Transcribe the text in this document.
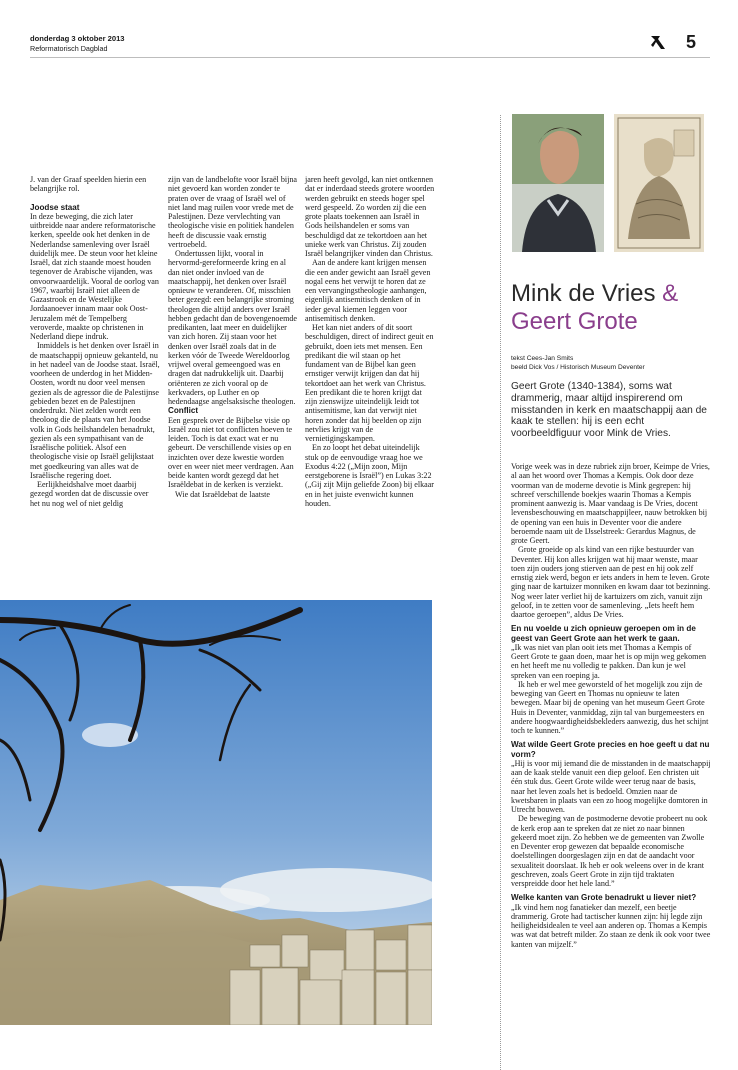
donderdag 3 oktober 2013
Reformatorisch Dagblad	5

J. van der Graaf speelden hierin een belangrijke rol.

Joodse staat

In deze beweging, die zich later uitbreidde naar andere reformatorische kerken, speelde ook het denken in de Nederlandse samenleving over Israël duidelijk mee. De steun voor het kleine Israël, dat zich staande moest houden tegenover de Arabische vijanden, was onvoorwaardelijk. Vooral de oorlog van 1967, waarbij Israël niet alleen de Gazastrook en de Westelijke Jordaanoever innam maar ook Oost-Jeruzalem mét de Tempelberg veroverde, maakte op christenen in Nederland diepe indruk.

Inmiddels is het denken over Israël in de maatschappij opnieuw gekanteld, nu in het nadeel van de Joodse staat. Israël, voorheen de underdog in het Midden-Oosten, wordt nu door veel mensen gezien als de agressor die de Palestijnse gebieden bezet en de Palestijnen onderdrukt. Niet zelden wordt een theoloog die de plaats van het Joodse volk in Gods heilshandelen benadrukt, gezien als een sympathisant van de Israëlische politiek. Alsof een theologische visie op Israël gelijkstaat met goedkeuring van alles wat de Israëlische regering doet.

Eerlijkheidshalve moet daarbij gezegd worden dat de discussie over het nu nog wel of niet geldig

zijn van de landbelofte voor Israël bijna niet gevoerd kan worden zonder te praten over de vraag of Israël wel of niet land mag ruilen voor vrede met de Palestijnen. Deze vervlechting van theologische visie en politiek handelen heeft de discussie vaak ernstig vertroebeld.

Ondertussen lijkt, vooral in hervormd-gereformeerde kring en al dan niet onder invloed van de maatschappij, het denken over Israël opnieuw te veranderen. Of, misschien beter gezegd: een belangrijke stroming theologen die altijd anders over Israël hebben gedacht dan de bovengenoemde predikanten, laat meer en duidelijker van zich horen. Zij staan voor het denken over Israël zoals dat in de kerken vóór de Tweede Wereldoorlog vrijwel overal gemeengoed was en dragen dat nadrukkelijk uit. Daarbij oriënteren ze zich vooral op de kerkvaders, op Luther en op hedendaagse angelsaksische theologen.

Conflict

Een gesprek over de Bijbelse visie op Israël zou niet tot conflicten hoeven te leiden. Toch is dat exact wat er nu gebeurt. De verschillende visies op en inzichten over deze kwestie worden over en weer niet meer verdragen. Aan beide kanten wordt gezegd dat het Israëldebat in de kerken is verziekt.

Wie dat Israëldebat de laatste

jaren heeft gevolgd, kan niet ontkennen dat er inderdaad steeds grotere woorden werden gebruikt en steeds hoger spel werd gespeeld. Zo worden zij die een grote plaats toekennen aan Israël in Gods heilshandelen er soms van beschuldigd dat ze tekortdoen aan het unieke werk van Christus. Zij zouden Israël belangrijker vinden dan Christus.

Aan de andere kant krijgen mensen die een ander gewicht aan Israël geven nogal eens het verwijt te horen dat ze een vervangingstheologie aanhangen, eigenlijk antisemitisch denken of in ieder geval kiemen leggen voor antisemitisch denken.

Het kan niet anders of dit soort beschuldigen, direct of indirect geuit en gebruikt, doen iets met mensen. Een predikant die wil staan op het fundament van de Bijbel kan geen ernstiger verwijt krijgen dan dat hij tekortdoet aan het werk van Christus. Een predikant die te horen krijgt dat zijn zienswijze uiteindelijk leidt tot antisemitisme, kan dat verwijt niet horen zonder dat hij beelden op zijn netvlies krijgt van de vernietigingskampen.

En zo loopt het debat uiteindelijk stuk op de eenvoudige vraag hoe we Exodus 4:22 („Mijn zoon, Mijn eerstgeborene is Israël”) en Lukas 3:22 („Gij zijt Mijn geliefde Zoon) bij elkaar en in het juiste evenwicht kunnen houden.

Mink de Vries &
Geert Grote
tekst Cees-Jan Smits
beeld Dick Vos / Historisch Museum Deventer
Geert Grote (1340-1384), soms wat drammerig, maar altijd inspirerend om misstanden in kerk en maatschappij aan de kaak te stellen: hij is een echt voorbeeldfiguur voor Mink de Vries.

Vorige week was in deze rubriek zijn broer, Keimpe de Vries, al aan het woord over Thomas a Kempis. Ook door deze voorman van de moderne devotie is Mink gegrepen: hij schreef verschillende boekjes waarin Thomas a Kempis prominent aanwezig is. Maar vandaag is De Vries, docent levensbeschouwing en maatschappijleer, nauw betrokken bij de opening van een huis in Deventer voor die andere beroemde naam uit de IJsselstreek: Gerardus Magnus, de grote Geert.

Grote groeide op als kind van een rijke bestuurder van Deventer. Hij kon alles krijgen wat hij maar wenste, maar toen zijn ouders jong stierven aan de pest en hij ook zelf ernstig ziek werd, begon er iets anders in hem te leven. Grote ging naar de kartuizer monniken en kwam daar tot bezinning. Nog weer later verliet hij de kartuizers om zich, vanuit zijn geloof, in te zetten voor de samenleving. „Iets heeft hem daartoe geroepen”, aldus De Vries.

En nu voelde u zich opnieuw geroepen om in de geest van Geert Grote aan het werk te gaan.

„Ik was niet van plan ooit iets met Thomas a Kempis of Geert Grote te gaan doen, maar het is op mijn weg gekomen en het heeft me nu volledig te pakken. Dan kun je wel spreken van een roeping ja.

Ik heb er wel mee geworsteld of het mogelijk zou zijn de beweging van Geert en Thomas nu opnieuw te laten bewegen. Maar bij de opening van het museum Geert Grote Huis in Deventer, vanmiddag, zijn tal van burgemeesters en andere hoogwaardigheidsbekleders aanwezig, dus het schijnt toch te kunnen.”

Wat wilde Geert Grote precies en hoe geeft u dat nu vorm?

„Hij is voor mij iemand die de misstanden in de maatschappij aan de kaak stelde vanuit een diep geloof. Een christen uit één stuk dus. Geert Grote wilde weer terug naar de basis, naar het leven zoals het is bedoeld. Omzien naar de kwetsbaren in plaats van een zo hoog mogelijke domtoren in Utrecht bouwen.

De beweging van de postmoderne devotie probeert nu ook de kerk erop aan te spreken dat ze niet zo naar binnen gekeerd moet zijn. Zo hebben we de gemeenten van Zwolle en Deventer erop gewezen dat bepaalde economische doelstellingen doorgeslagen zijn en dat de aandacht voor sexualiteit doorslaat. Ik heb er ook weleens over in de krant geschreven, zoals Geert Grote in zijn tijd traktaten verspreidde door het hele land.”

Welke kanten van Grote benadrukt u liever niet?

„Ik vind hem nog fanatieker dan mezelf, een beetje drammerig. Grote had tactischer kunnen zijn: hij legde zijn heiligheidsidealen te veel aan anderen op. Thomas a Kempis was wat dat betreft milder. Zo staan ze denk ik ook voor twee kanten van mijzelf.”
